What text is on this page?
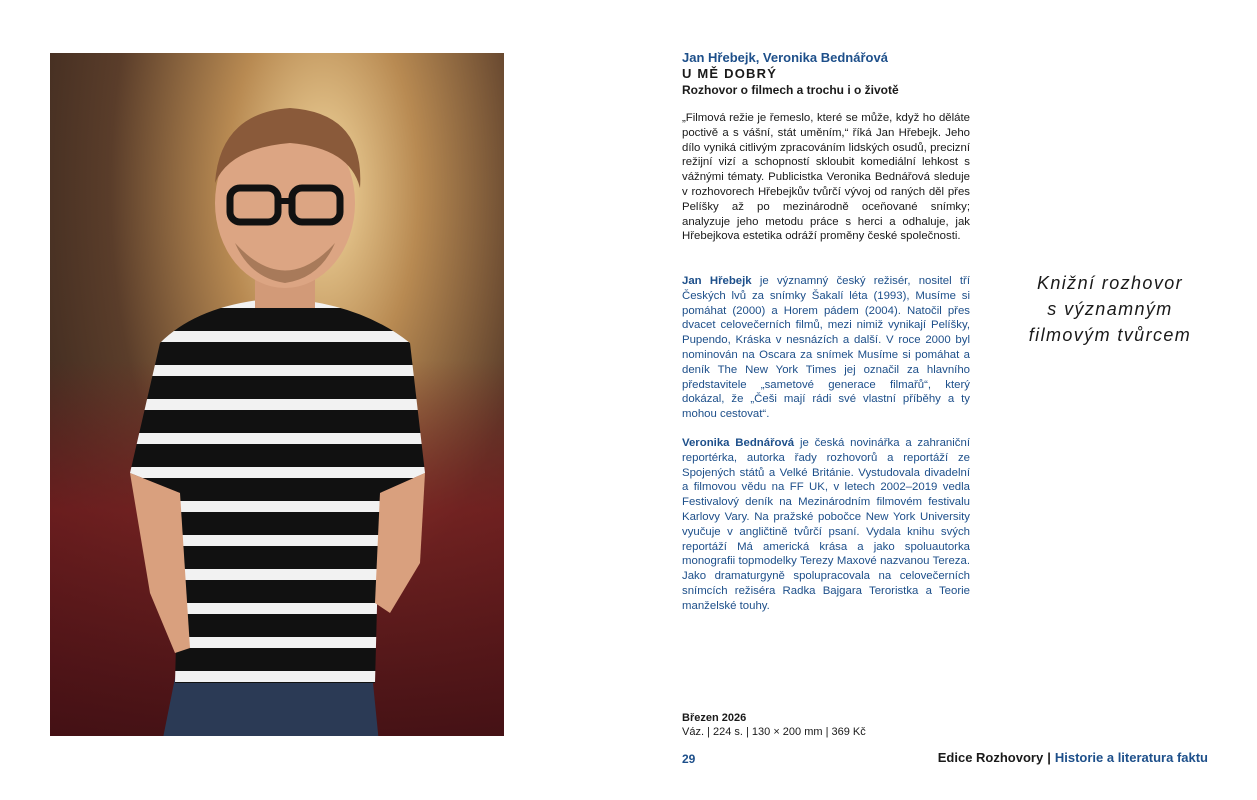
Jan Hřebejk, Veronika Bednářová

U MĚ DOBRÝ

Rozhovor o filmech a trochu i o životě

„Filmová režie je řemeslo, které se může, když ho děláte poctivě a s vášní, stát uměním,“ říká Jan Hřebejk. Jeho dílo vyniká citlivým zpracováním lidských osudů, precizní režijní vizí a schopností skloubit komediální lehkost s vážnými tématy. Publicistka Veronika Bednářová sleduje v rozhovorech Hřebejkův tvůrčí vývoj od raných děl přes Pelíšky až po mezinárodně oceňované snímky; analyzuje jeho metodu práce s herci a odhaluje, jak Hřebejkova estetika odráží proměny české společnosti.

Jan Hřebejk je významný český režisér, nositel tří Českých lvů za snímky Šakalí léta (1993), Musíme si pomáhat (2000) a Horem pádem (2004). Natočil přes dvacet celovečerních filmů, mezi nimiž vynikají Pelíšky, Pupendo, Kráska v nesnázích a další. V roce 2000 byl nominován na Oscara za snímek Musíme si pomáhat a deník The New York Times jej označil za hlavního představitele „sametové generace filmařů“, který dokázal, že „Češi mají rádi své vlastní příběhy a ty mohou cestovat“.

Veronika Bednářová je česká novinářka a zahraniční reportérka, autorka řady rozhovorů a reportáží ze Spojených států a Velké Británie. Vystudovala divadelní a filmovou vědu na FF UK, v letech 2002–2019 vedla Festivalový deník na Mezinárodním filmovém festivalu Karlovy Vary. Na pražské pobočce New York University vyučuje v angličtině tvůrčí psaní. Vydala knihu svých reportáží Má americká krása a jako spoluautorka monografii topmodelky Terezy Maxové nazvanou Tereza. Jako dramaturgyně spolupracovala na celovečerních snímcích režiséra Radka Bajgara Teroristka a Teorie manželské touhy.

Knižní rozhovor
s významným
filmovým tvůrcem
Březen 2026
Váz. | 224 s. | 130 × 200 mm | 369 Kč
29	Edice Rozhovory | Historie a literatura faktu
